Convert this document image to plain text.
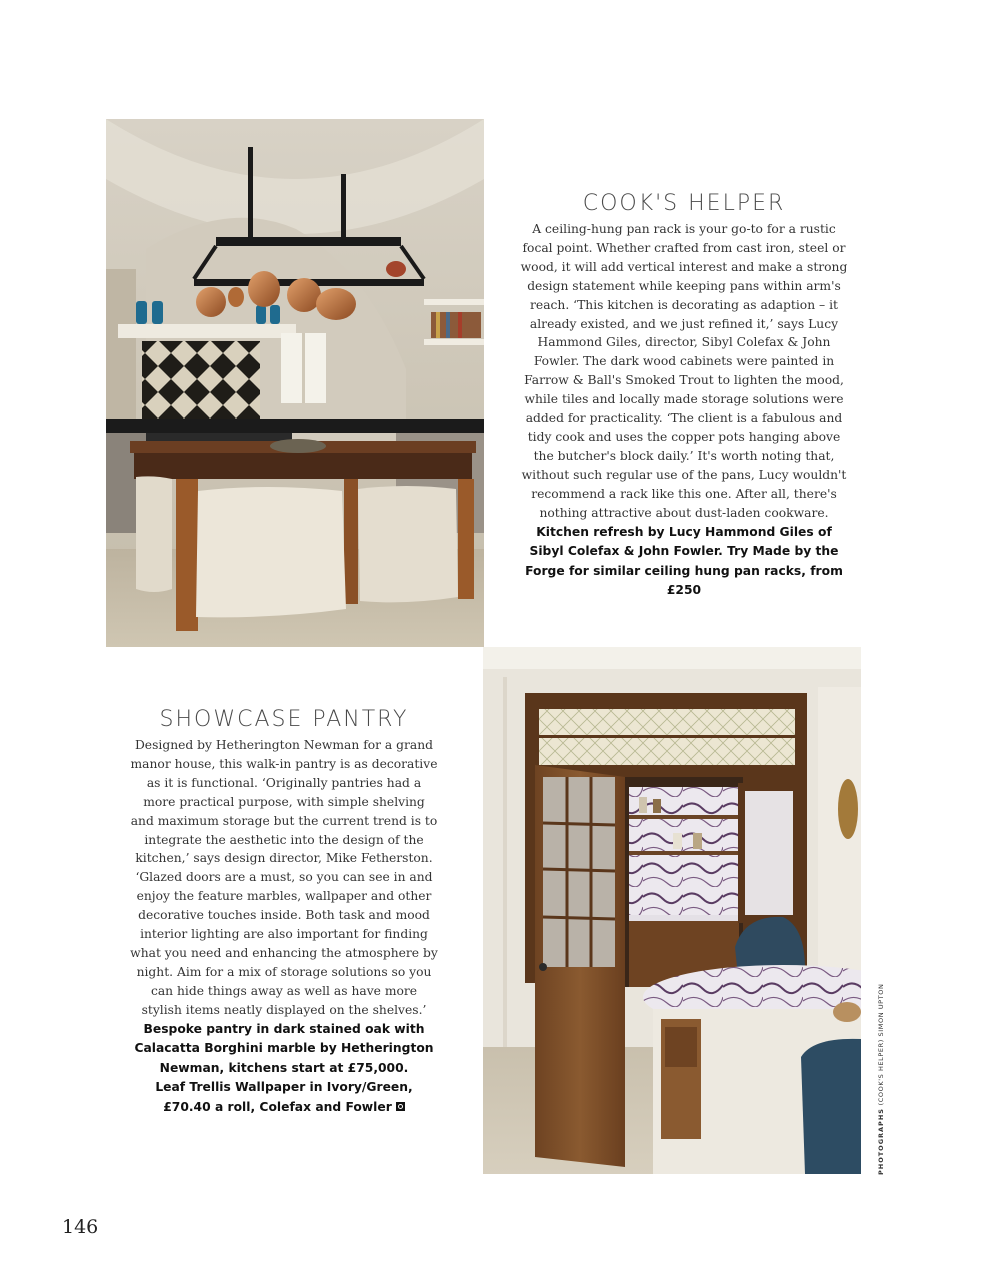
COOK'S HELPER

A ceiling-hung pan rack is your go-to for a rustic focal point. Whether crafted from cast iron, steel or wood, it will add vertical interest and make a strong design statement while keeping pans within arm's reach. ‘This kitchen is decorating as adaption – it already existed, and we just refined it,’ says Lucy Hammond Giles, director, Sibyl Colefax & John Fowler. The dark wood cabinets were painted in Farrow & Ball's Smoked Trout to lighten the mood, while tiles and locally made storage solutions were added for practicality. ‘The client is a fabulous and tidy cook and uses the copper pots hanging above the butcher's block daily.’ It's worth noting that, without such regular use of the pans, Lucy wouldn't recommend a rack like this one. After all, there's nothing attractive about dust-laden cookware.

Kitchen refresh by Lucy Hammond Giles of Sibyl Colefax & John Fowler. Try Made by the Forge for similar ceiling hung pan racks, from £250

SHOWCASE PANTRY

Designed by Hetherington Newman for a grand manor house, this walk-in pantry is as decorative as it is functional. ‘Originally pantries had a more practical purpose, with simple shelving and maximum storage but the current trend is to integrate the aesthetic into the design of the kitchen,’ says design director, Mike Fetherston. ‘Glazed doors are a must, so you can see in and enjoy the feature marbles, wallpaper and other decorative touches inside. Both task and mood interior lighting are also important for finding what you need and enhancing the atmosphere by night. Aim for a mix of storage solutions so you can hide things away as well as have more stylish items neatly displayed on the shelves.’

Bespoke pantry in dark stained oak with Calacatta Borghini marble by Hetherington Newman, kitchens start at £75,000.

Leaf Trellis Wallpaper in Ivory/Green, £70.40 a roll, Colefax and Fowler

PHOTOGRAPHS (COOK'S HELPER) SIMON UPTON
146
